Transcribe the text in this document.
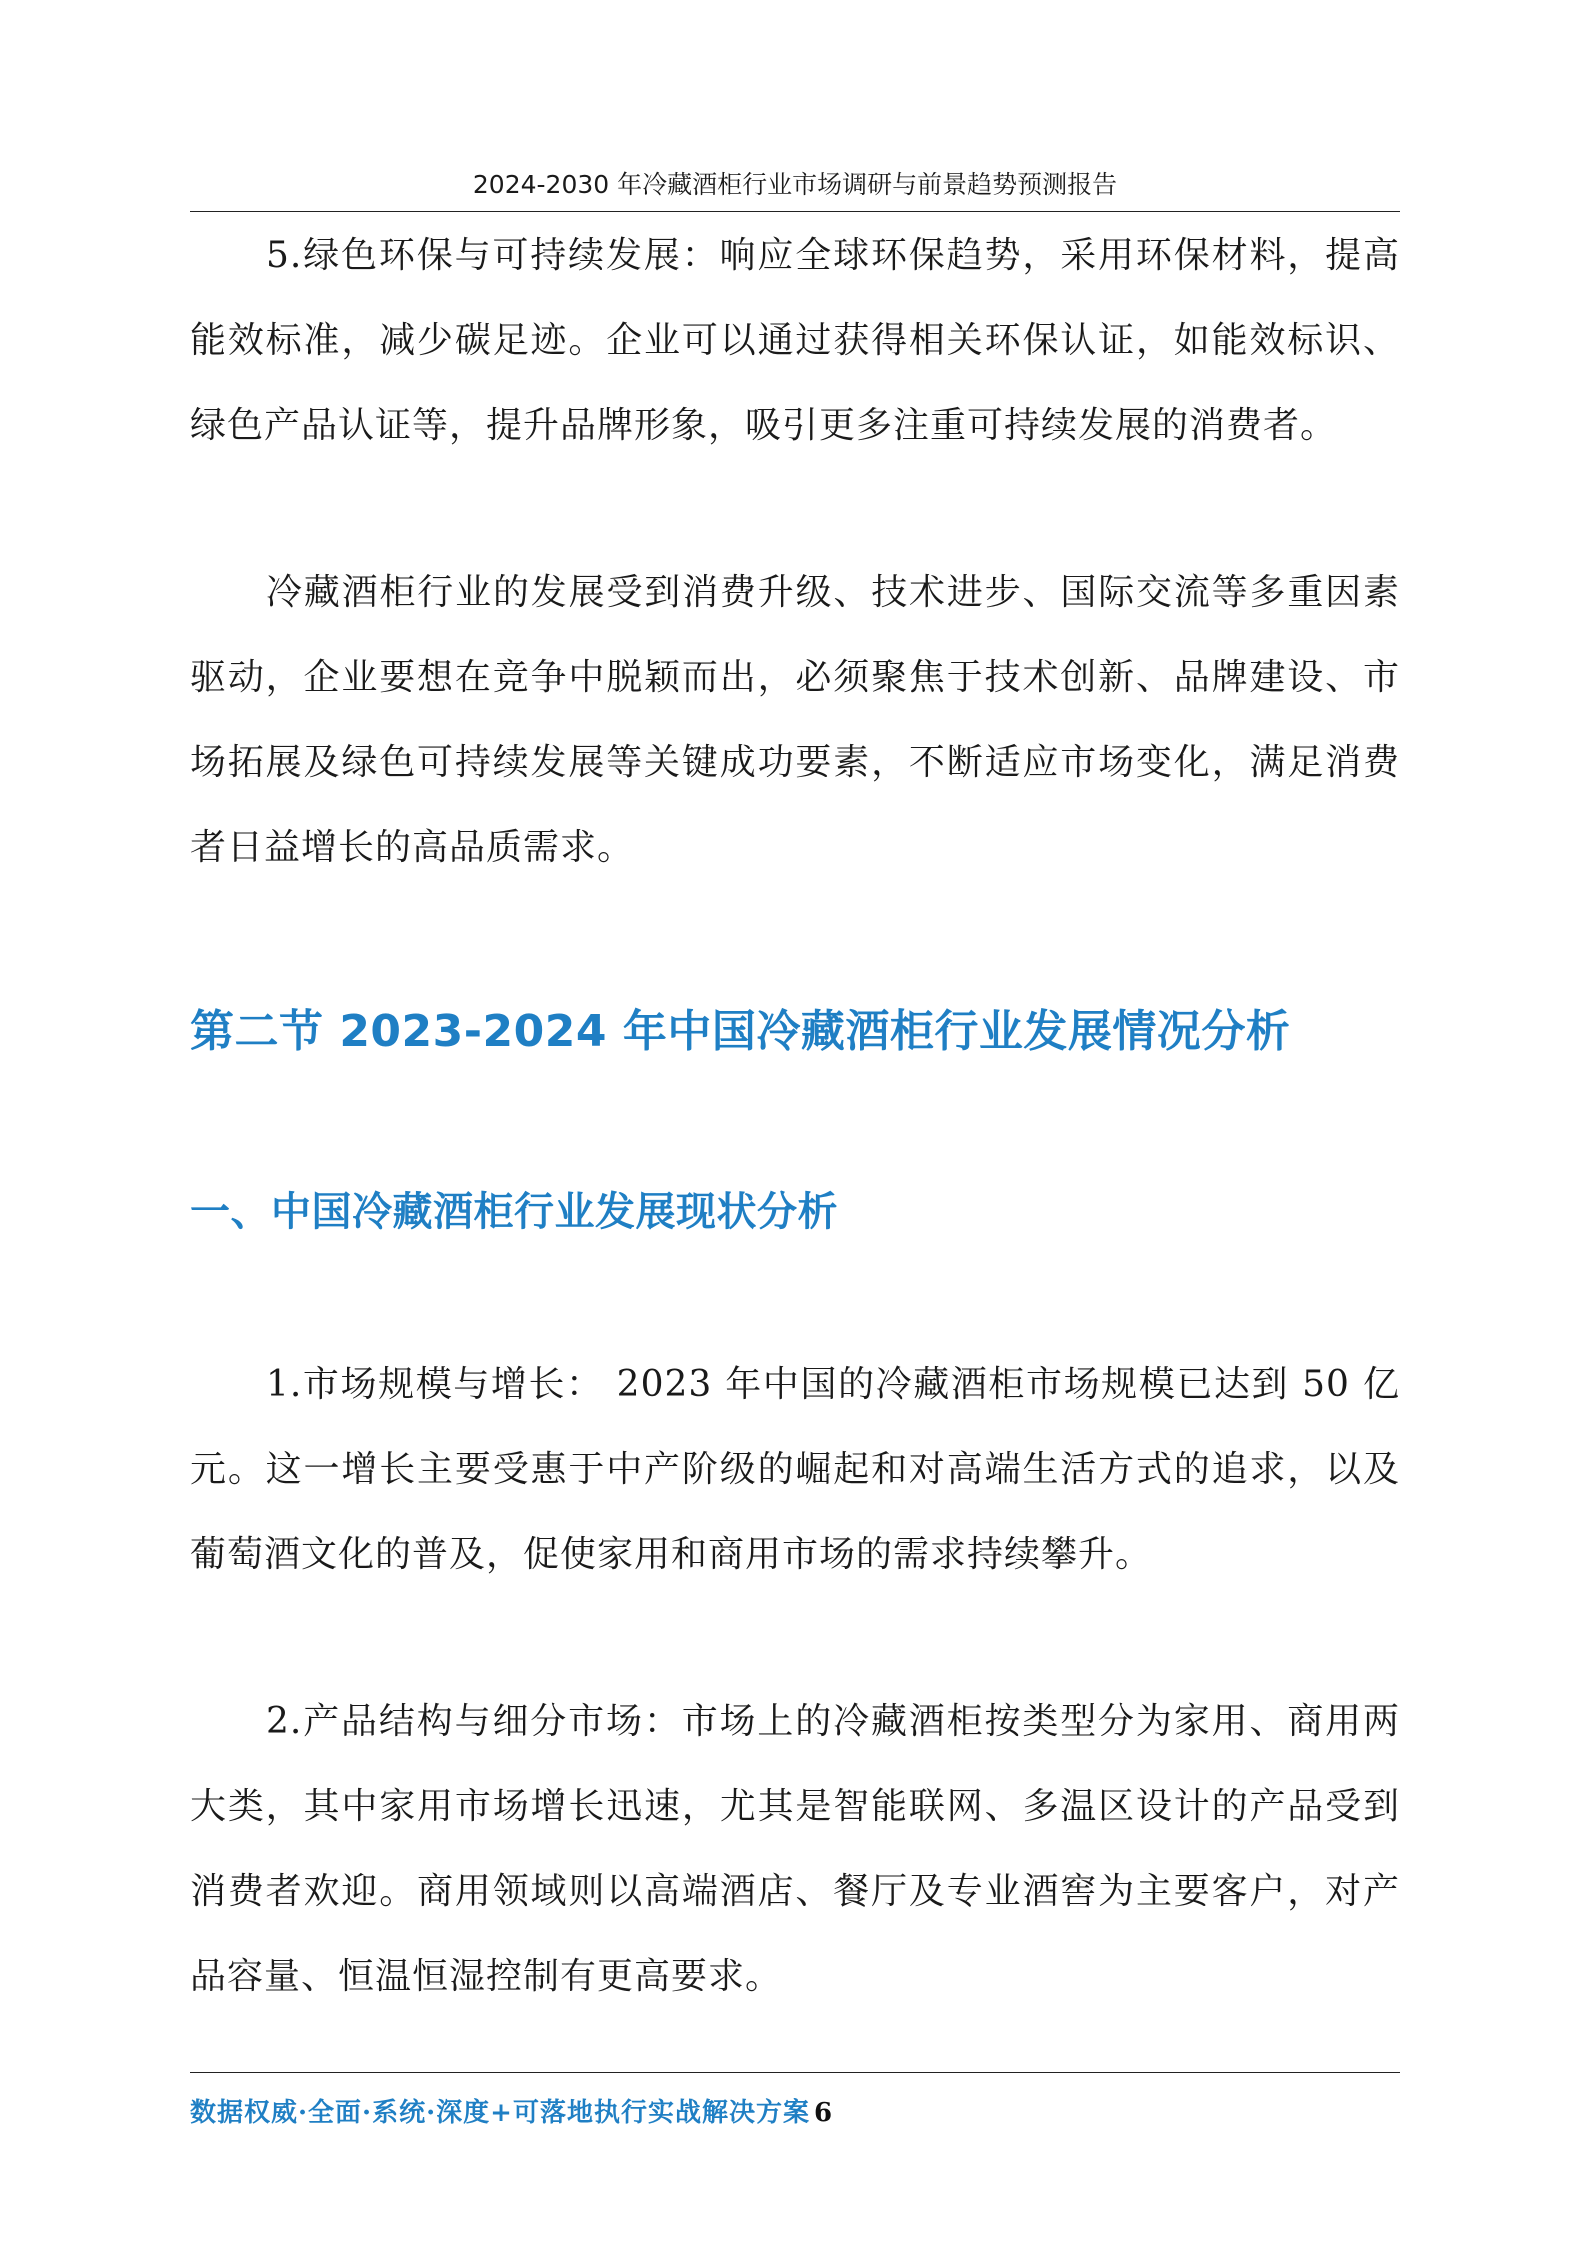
2024-2030 年冷藏酒柜行业市场调研与前景趋势预测报告

5.绿色环保与可持续发展：响应全球环保趋势，采用环保材料，提高能效标准，减少碳足迹。企业可以通过获得相关环保认证，如能效标识、绿色产品认证等，提升品牌形象，吸引更多注重可持续发展的消费者。

冷藏酒柜行业的发展受到消费升级、技术进步、国际交流等多重因素驱动，企业要想在竞争中脱颖而出，必须聚焦于技术创新、品牌建设、市场拓展及绿色可持续发展等关键成功要素，不断适应市场变化，满足消费者日益增长的高品质需求。

第二节 2023-2024 年中国冷藏酒柜行业发展情况分析
一、中国冷藏酒柜行业发展现状分析

1.市场规模与增长： 2023 年中国的冷藏酒柜市场规模已达到 50 亿元。这一增长主要受惠于中产阶级的崛起和对高端生活方式的追求，以及葡萄酒文化的普及，促使家用和商用市场的需求持续攀升。

2.产品结构与细分市场：市场上的冷藏酒柜按类型分为家用、商用两大类，其中家用市场增长迅速，尤其是智能联网、多温区设计的产品受到消费者欢迎。商用领域则以高端酒店、餐厅及专业酒窖为主要客户，对产品容量、恒温恒湿控制有更高要求。

数据权威·全面·系统·深度+可落地执行实战解决方案 6
